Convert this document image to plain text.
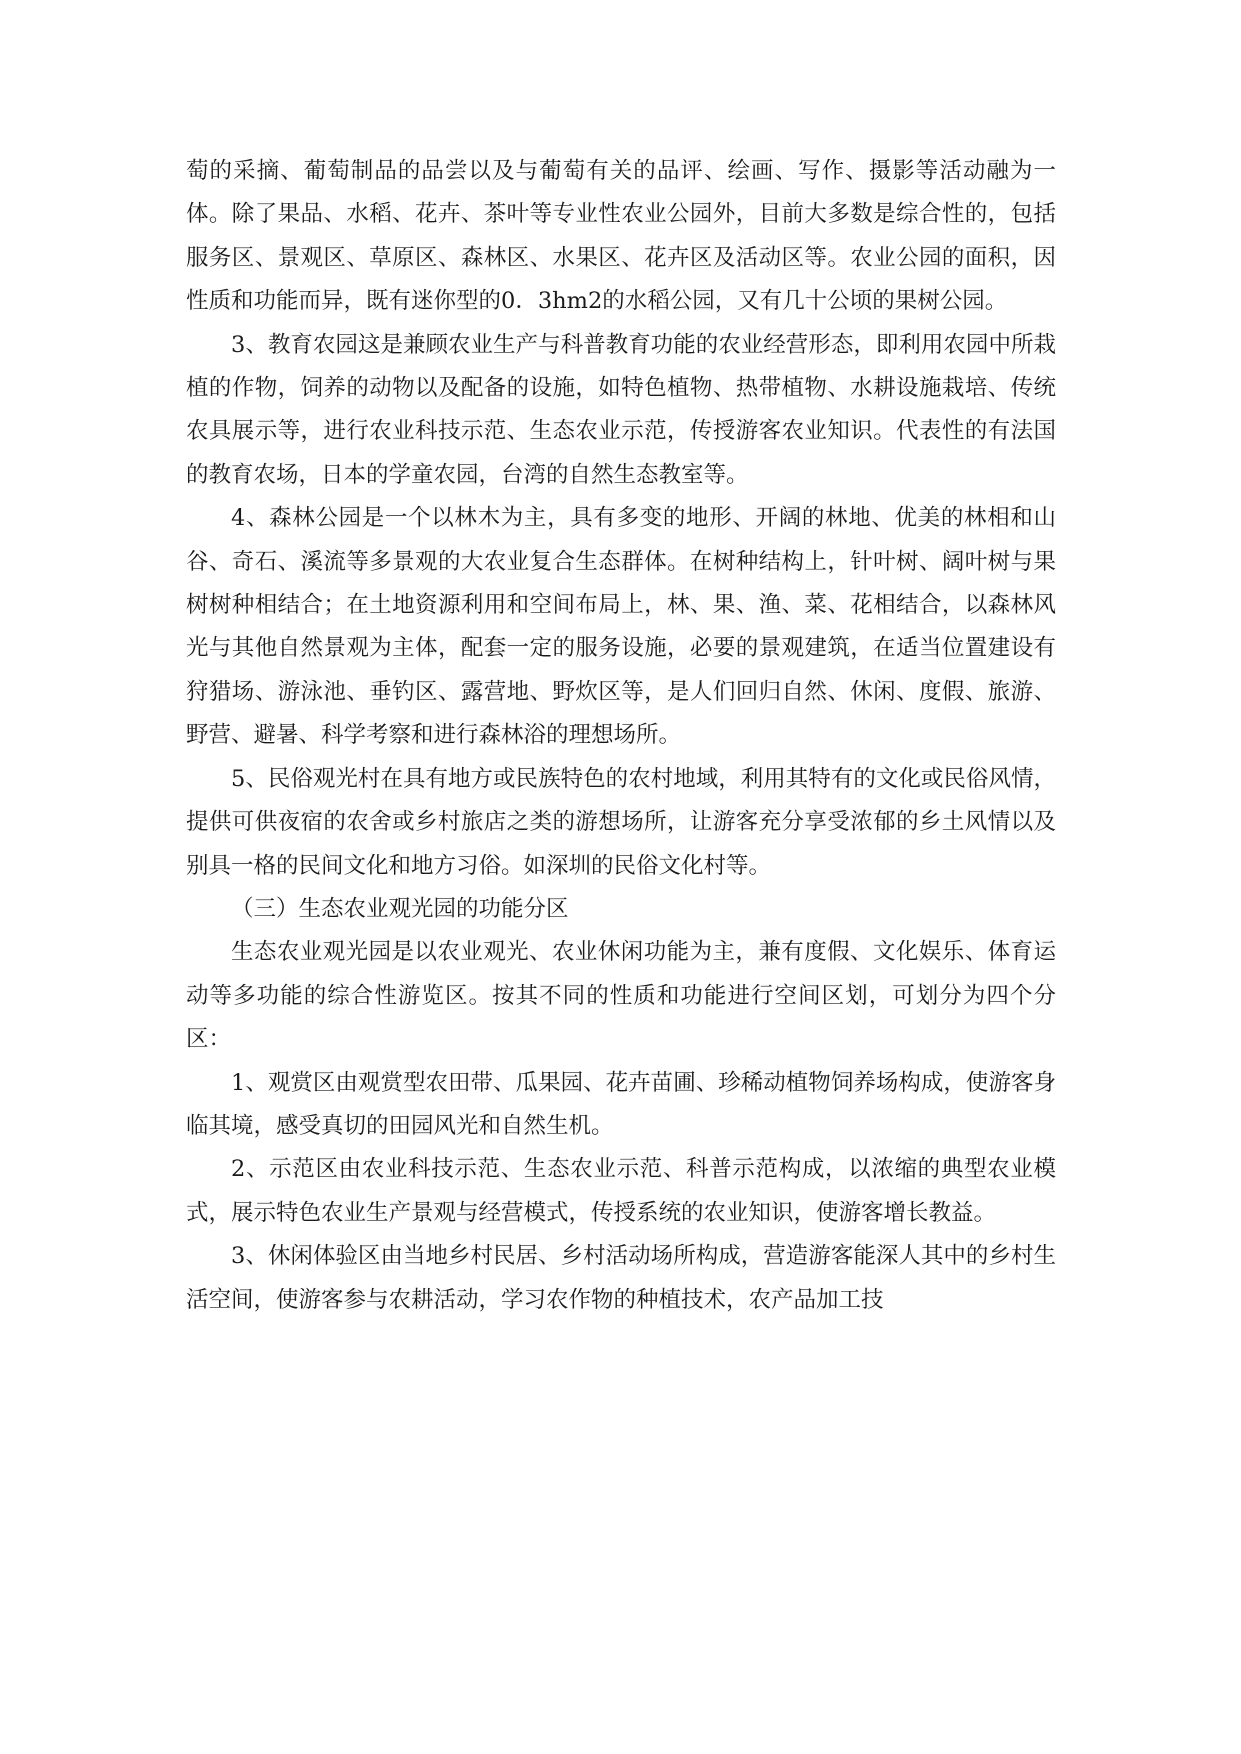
萄的采摘、葡萄制品的品尝以及与葡萄有关的品评、绘画、写作、摄影等活动融为一体。除了果品、水稻、花卉、茶叶等专业性农业公园外，目前大多数是综合性的，包括服务区、景观区、草原区、森林区、水果区、花卉区及活动区等。农业公园的面积，因性质和功能而异，既有迷你型的0．3hm2的水稻公园，又有几十公顷的果树公园。

3、教育农园这是兼顾农业生产与科普教育功能的农业经营形态，即利用农园中所栽植的作物，饲养的动物以及配备的设施，如特色植物、热带植物、水耕设施栽培、传统农具展示等，进行农业科技示范、生态农业示范，传授游客农业知识。代表性的有法国的教育农场，日本的学童农园，台湾的自然生态教室等。

4、森林公园是一个以林木为主，具有多变的地形、开阔的林地、优美的林相和山谷、奇石、溪流等多景观的大农业复合生态群体。在树种结构上，针叶树、阔叶树与果树树种相结合；在土地资源利用和空间布局上，林、果、渔、菜、花相结合，以森林风光与其他自然景观为主体，配套一定的服务设施，必要的景观建筑，在适当位置建设有狩猎场、游泳池、垂钓区、露营地、野炊区等，是人们回归自然、休闲、度假、旅游、野营、避暑、科学考察和进行森林浴的理想场所。

5、民俗观光村在具有地方或民族特色的农村地域，利用其特有的文化或民俗风情，提供可供夜宿的农舍或乡村旅店之类的游想场所，让游客充分享受浓郁的乡土风情以及别具一格的民间文化和地方习俗。如深圳的民俗文化村等。

（三）生态农业观光园的功能分区

生态农业观光园是以农业观光、农业休闲功能为主，兼有度假、文化娱乐、体育运动等多功能的综合性游览区。按其不同的性质和功能进行空间区划，可划分为四个分区：

1、观赏区由观赏型农田带、瓜果园、花卉苗圃、珍稀动植物饲养场构成，使游客身临其境，感受真切的田园风光和自然生机。

2、示范区由农业科技示范、生态农业示范、科普示范构成，以浓缩的典型农业模式，展示特色农业生产景观与经营模式，传授系统的农业知识，使游客增长教益。

3、休闲体验区由当地乡村民居、乡村活动场所构成，营造游客能深人其中的乡村生活空间，使游客参与农耕活动，学习农作物的种植技术，农产品加工技
